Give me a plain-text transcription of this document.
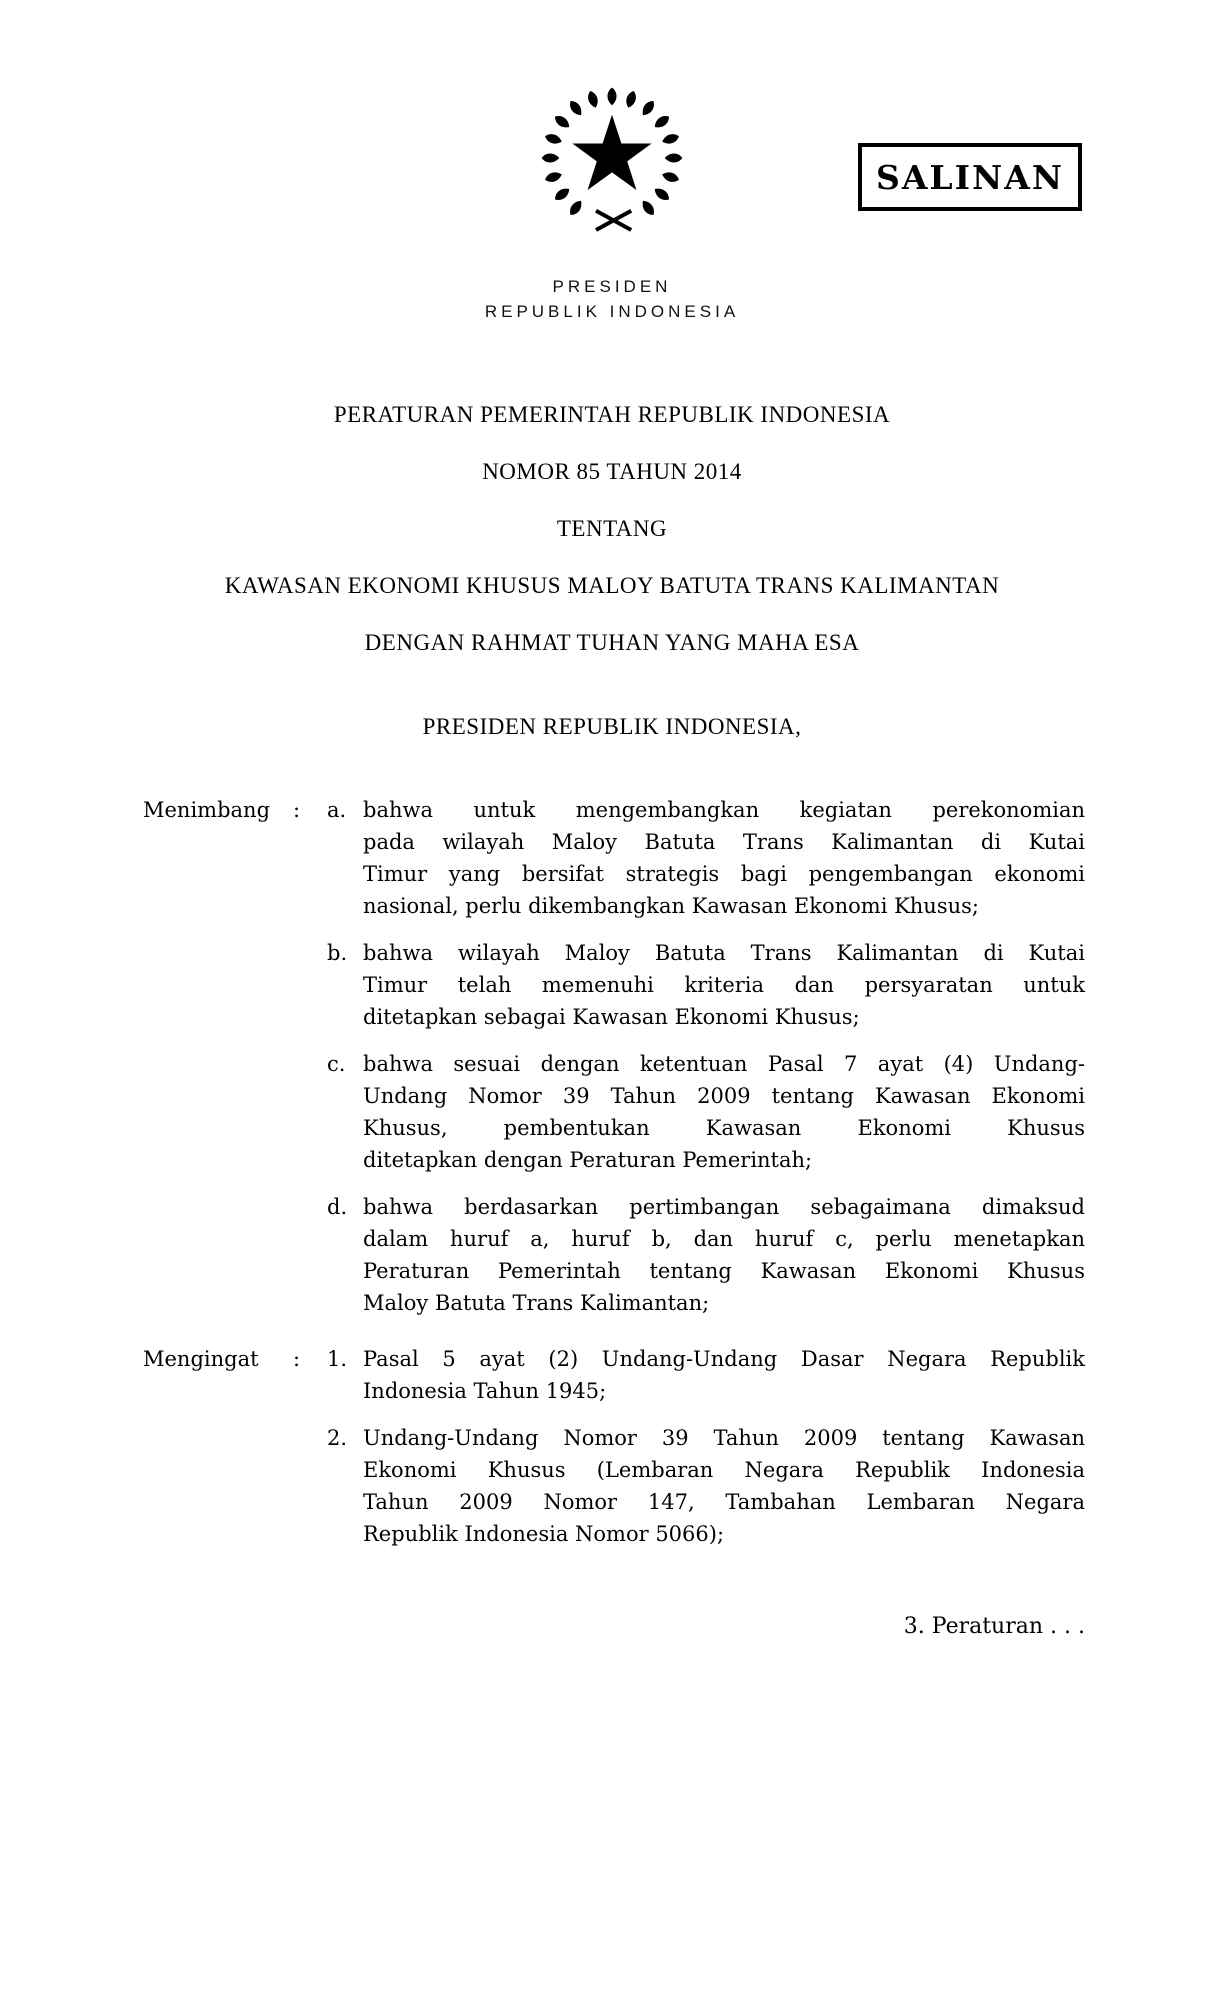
SALINAN
PRESIDEN
REPUBLIK INDONESIA
PERATURAN PEMERINTAH REPUBLIK INDONESIA
NOMOR 85 TAHUN 2014
TENTANG
KAWASAN EKONOMI KHUSUS MALOY BATUTA TRANS KALIMANTAN
DENGAN RAHMAT TUHAN YANG MAHA ESA
PRESIDEN REPUBLIK INDONESIA,
Menimbang	:	a. bahwa untuk mengembangkan kegiatan perekonomian
pada wilayah Maloy Batuta Trans Kalimantan di Kutai
Timur yang bersifat strategis bagi pengembangan ekonomi
nasional, perlu dikembangkan Kawasan Ekonomi Khusus;
b. bahwa wilayah Maloy Batuta Trans Kalimantan di Kutai
Timur telah memenuhi kriteria dan persyaratan untuk
ditetapkan sebagai Kawasan Ekonomi Khusus;
c. bahwa sesuai dengan ketentuan Pasal 7 ayat (4) Undang-
Undang Nomor 39 Tahun 2009 tentang Kawasan Ekonomi
Khusus, pembentukan Kawasan Ekonomi Khusus
ditetapkan dengan Peraturan Pemerintah;
d. bahwa berdasarkan pertimbangan sebagaimana dimaksud
dalam huruf a, huruf b, dan huruf c, perlu menetapkan
Peraturan Pemerintah tentang Kawasan Ekonomi Khusus
Maloy Batuta Trans Kalimantan;
Mengingat	:	1. Pasal 5 ayat (2) Undang-Undang Dasar Negara Republik
Indonesia Tahun 1945;
2. Undang-Undang Nomor 39 Tahun 2009 tentang Kawasan
Ekonomi Khusus (Lembaran Negara Republik Indonesia
Tahun 2009 Nomor 147, Tambahan Lembaran Negara
Republik Indonesia Nomor 5066);
3. Peraturan . . .
